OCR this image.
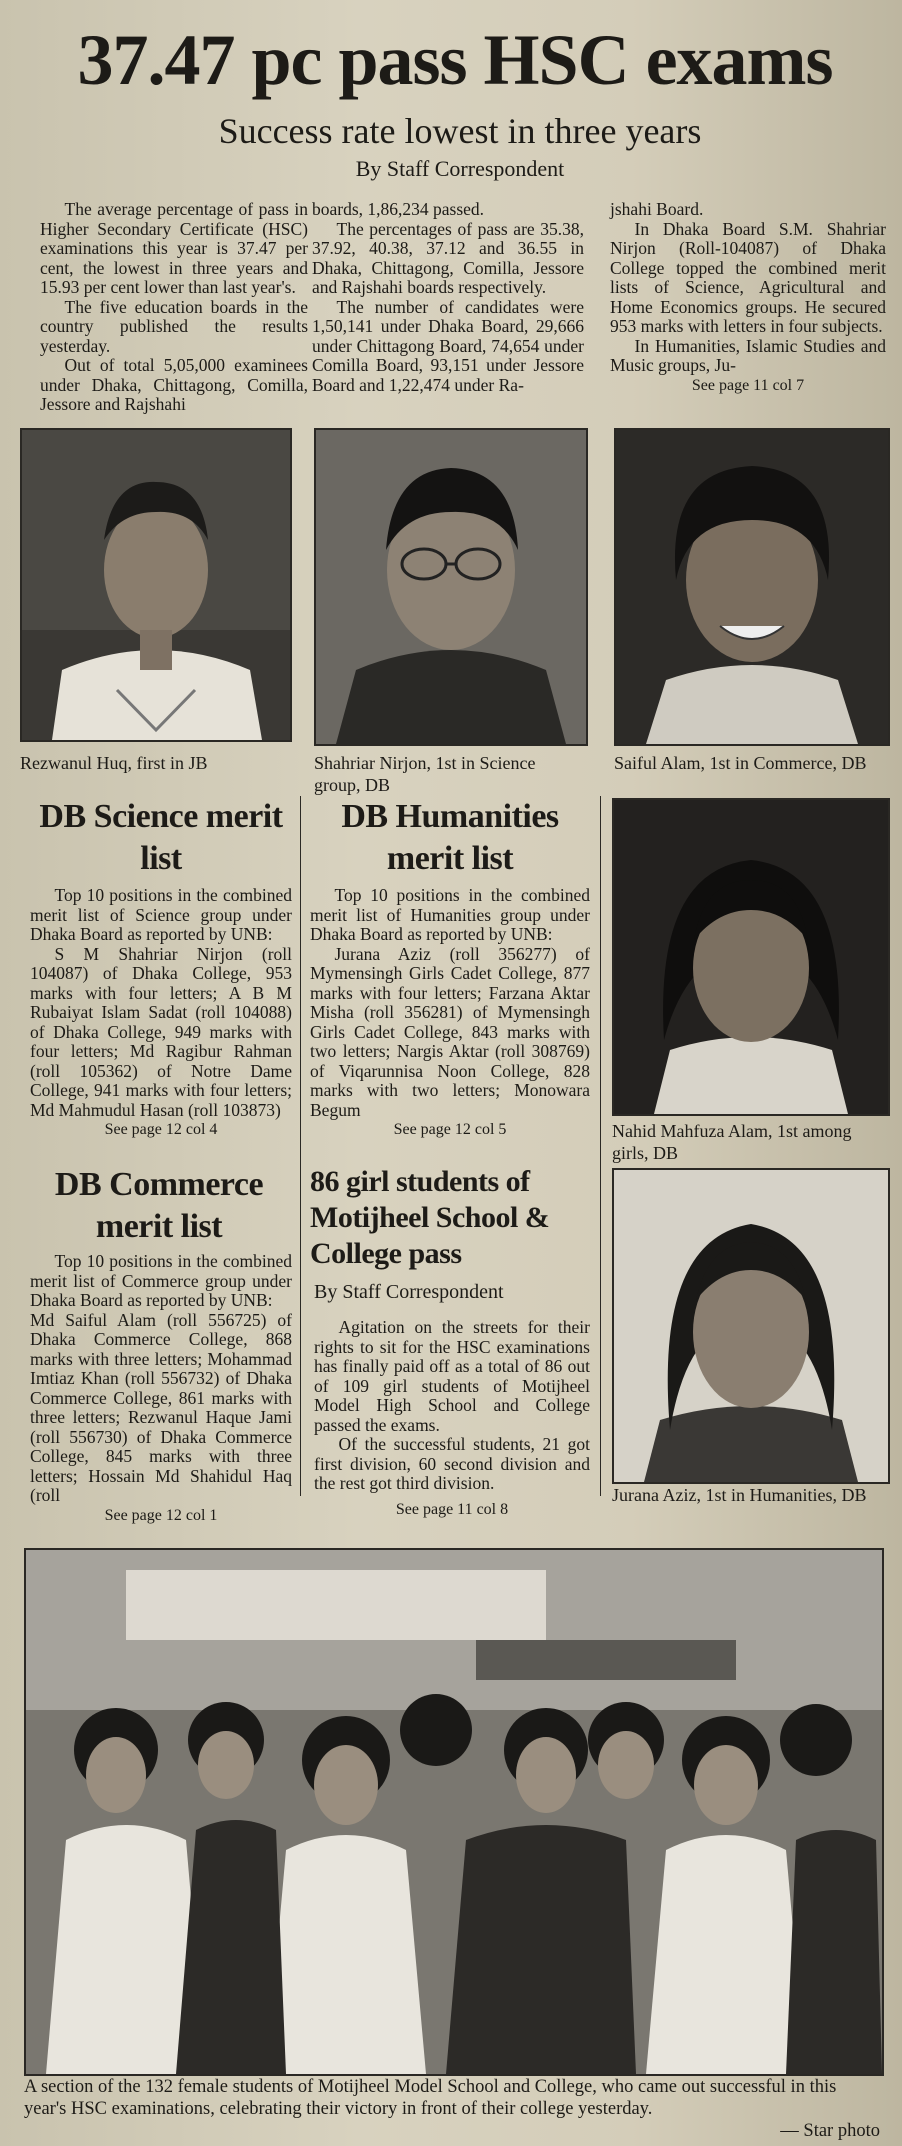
37.47 pc pass HSC exams
Success rate lowest in three years
By Staff Correspondent

The average percentage of pass in Higher Secondary Certificate (HSC) examinations this year is 37.47 per cent, the lowest in three years and 15.93 per cent lower than last year's.

The five education boards in the country published the results yesterday.

Out of total 5,05,000 examinees under Dhaka, Chittagong, Comilla, Jessore and Rajshahi

boards, 1,86,234 passed.

The percentages of pass are 35.38, 37.92, 40.38, 37.12 and 36.55 in Dhaka, Chittagong, Comilla, Jessore and Rajshahi boards respectively.

The number of candidates were 1,50,141 under Dhaka Board, 29,666 under Chittagong Board, 74,654 under Comilla Board, 93,151 under Jessore Board and 1,22,474 under Ra-

jshahi Board.

In Dhaka Board S.M. Shahriar Nirjon (Roll-104087) of Dhaka College topped the combined merit lists of Science, Agricultural and Home Economics groups. He secured 953 marks with letters in four subjects.

In Humanities, Islamic Studies and Music groups, Ju-

See page 11 col 7
Rezwanul Huq, first in JB	Shahriar Nirjon, 1st in Science group, DB
Saiful Alam, 1st in Commerce, DB
DB Science merit list

Top 10 positions in the combined merit list of Science group under Dhaka Board as reported by UNB:

S M Shahriar Nirjon (roll 104087) of Dhaka College, 953 marks with four letters; A B M Rubaiyat Islam Sadat (roll 104088) of Dhaka College, 949 marks with four letters; Md Ragibur Rahman (roll 105362) of Notre Dame College, 941 marks with four letters; Md Mahmudul Hasan (roll 103873)

See page 12 col 4
DB Humanities merit list

Top 10 positions in the combined merit list of Humanities group under Dhaka Board as reported by UNB:

Jurana Aziz (roll 356277) of Mymensingh Girls Cadet College, 877 marks with four letters; Farzana Aktar Misha (roll 356281) of Mymensingh Girls Cadet College, 843 marks with two letters; Nargis Aktar (roll 308769) of Viqarunnisa Noon College, 828 marks with two letters; Monowara Begum

See page 12 col 5	Nahid Mahfuza Alam, 1st among girls, DB
DB Commerce merit list

Top 10 positions in the combined merit list of Commerce group under Dhaka Board as reported by UNB:

Md Saiful Alam (roll 556725) of Dhaka Commerce College, 868 marks with three letters; Mohammad Imtiaz Khan (roll 556732) of Dhaka Commerce College, 861 marks with three letters; Rezwanul Haque Jami (roll 556730) of Dhaka Commerce College, 845 marks with three letters; Hossain Md Shahidul Haq (roll

See page 12 col 1
86 girl students of Motijheel School & College pass
By Staff Correspondent

Agitation on the streets for their rights to sit for the HSC examinations has finally paid off as a total of 86 out of 109 girl students of Motijheel Model High School and College passed the exams.

Of the successful students, 21 got first division, 60 second division and the rest got third division.

See page 11 col 8
Jurana Aziz, 1st in Humanities, DB
A section of the 132 female students of Motijheel Model School and College, who came out successful in this year's HSC examinations, celebrating their victory in front of their college yesterday.
— Star photo
